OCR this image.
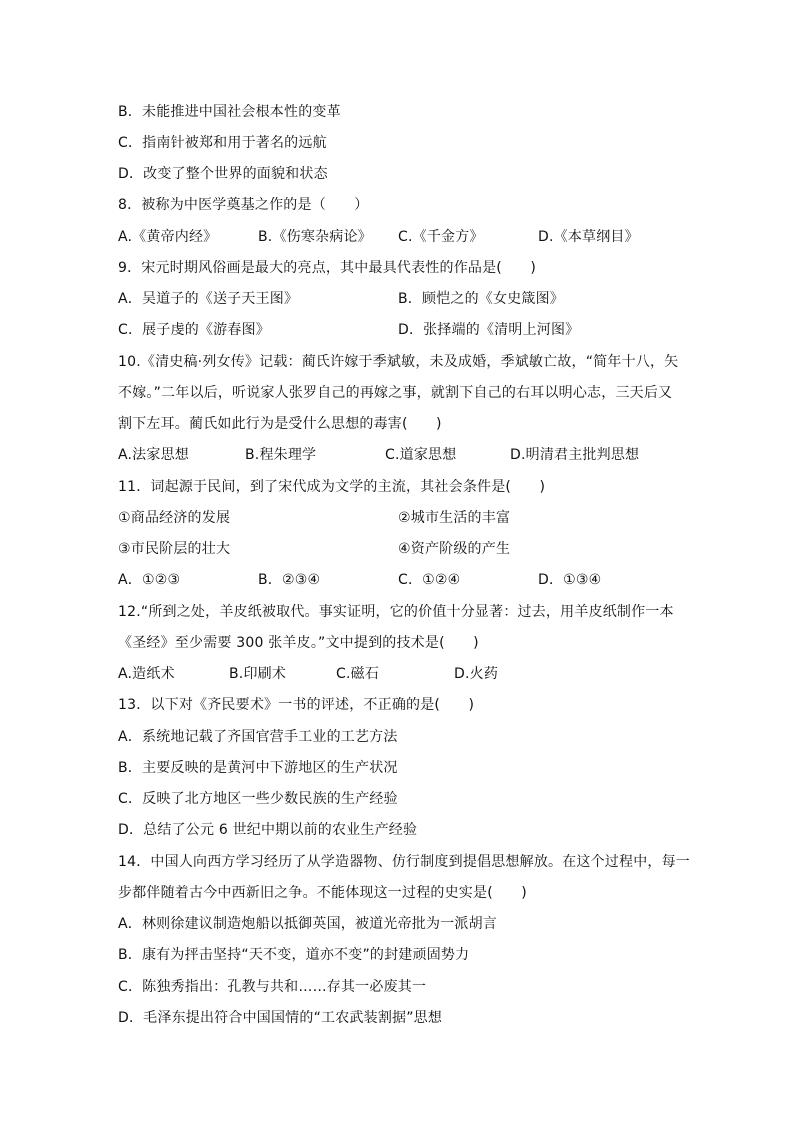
B．未能推进中国社会根本性的变革
C．指南针被郑和用于著名的远航
D．改变了整个世界的面貌和状态
8．被称为中医学奠基之作的是（　　）
A.《黄帝内经》	B.《伤寒杂病论》 C.《千金方》	D.《本草纲目》
9．宋元时期风俗画是最大的亮点，其中最具代表性的作品是(　　)
A．吴道子的《送子天王图》	B．顾恺之的《女史箴图》
C．展子虔的《游春图》	D．张择端的《清明上河图》
10.《清史稿·列女传》记载：蔺氏许嫁于季斌敏，未及成婚，季斌敏亡故，“简年十八，矢
不嫁。”二年以后，听说家人张罗自己的再嫁之事，就割下自己的右耳以明心志，三天后又
割下左耳。蔺氏如此行为是受什么思想的毒害(　　)
A.法家思想	B.程朱理学	C.道家思想	D.明清君主批判思想
11．词起源于民间，到了宋代成为文学的主流，其社会条件是(　　)
①商品经济的发展	②城市生活的丰富
③市民阶层的壮大	④资产阶级的产生
A．①②③	B．②③④	C．①②④	D．①③④
12.“所到之处，羊皮纸被取代。事实证明，它的价值十分显著：过去，用羊皮纸制作一本
《圣经》至少需要 300 张羊皮。”文中提到的技术是(　　)
A.造纸术	B.印刷术	C.磁石	D.火药
13．以下对《齐民要术》一书的评述，不正确的是(　　)
A．系统地记载了齐国官营手工业的工艺方法
B．主要反映的是黄河中下游地区的生产状况
C．反映了北方地区一些少数民族的生产经验
D．总结了公元 6 世纪中期以前的农业生产经验
14．中国人向西方学习经历了从学造器物、仿行制度到提倡思想解放。在这个过程中，每一
步都伴随着古今中西新旧之争。不能体现这一过程的史实是(　　)
A．林则徐建议制造炮船以抵御英国，被道光帝批为一派胡言
B．康有为抨击坚持“天不变，道亦不变”的封建顽固势力
C．陈独秀指出：孔教与共和……存其一必废其一
D．毛泽东提出符合中国国情的“工农武装割据”思想
